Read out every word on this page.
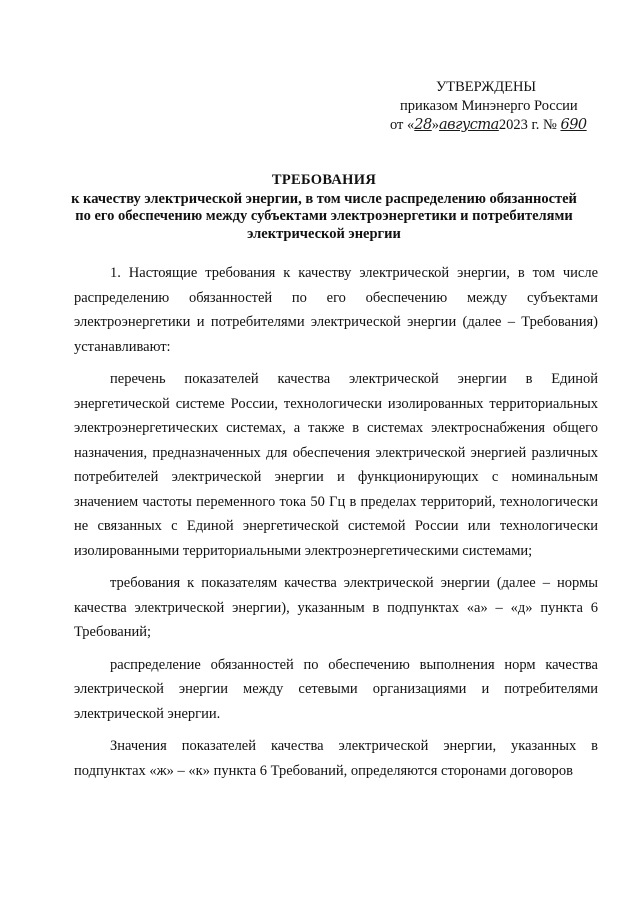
УТВЕРЖДЕНЫ
приказом Минэнерго России
от «28»августа2023 г. № 690
ТРЕБОВАНИЯ
к качеству электрической энергии, в том числе распределению обязанностей
по его обеспечению между субъектами электроэнергетики и потребителями
электрической энергии

1. Настоящие требования к качеству электрической энергии, в том числе распределению обязанностей по его обеспечению между субъектами электроэнергетики и потребителями электрической энергии (далее – Требования) устанавливают:

перечень показателей качества электрической энергии в Единой энергетической системе России, технологически изолированных территориальных электроэнергетических системах, а также в системах электроснабжения общего назначения, предназначенных для обеспечения электрической энергией различных потребителей электрической энергии и функционирующих с номинальным значением частоты переменного тока 50 Гц в пределах территорий, технологически не связанных с Единой энергетической системой России или технологически изолированными территориальными электроэнергетическими системами;

требования к показателям качества электрической энергии (далее – нормы качества электрической энергии), указанным в подпунктах «а» – «д» пункта 6 Требований;

распределение обязанностей по обеспечению выполнения норм качества электрической энергии между сетевыми организациями и потребителями электрической энергии.

Значения показателей качества электрической энергии, указанных в подпунктах «ж» – «к» пункта 6 Требований, определяются сторонами договоров
